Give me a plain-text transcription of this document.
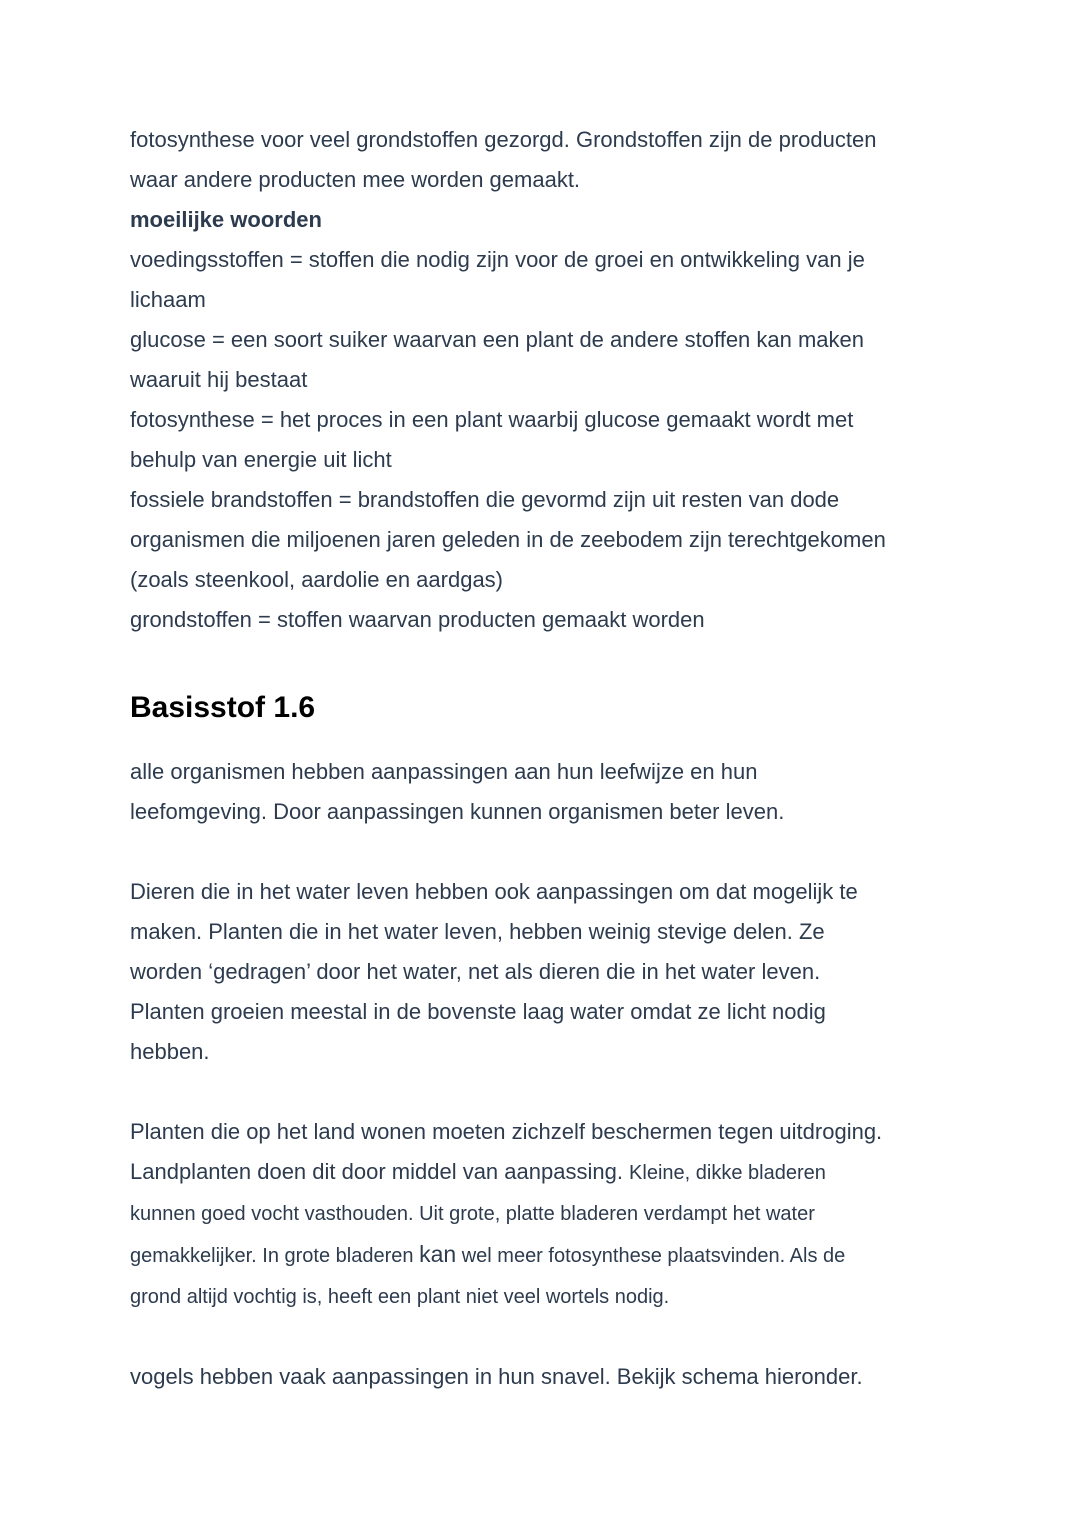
fotosynthese voor veel grondstoffen gezorgd. Grondstoffen zijn de producten
waar andere producten mee worden gemaakt.
moeilijke woorden
voedingsstoffen = stoffen die nodig zijn voor de groei en ontwikkeling van je
lichaam
glucose = een soort suiker waarvan een plant de andere stoffen kan maken
waaruit hij bestaat
fotosynthese = het proces in een plant waarbij glucose gemaakt wordt met
behulp van energie uit licht
fossiele brandstoffen = brandstoffen die gevormd zijn uit resten van dode
organismen die miljoenen jaren geleden in de zeebodem zijn terechtgekomen
(zoals steenkool, aardolie en aardgas)
grondstoffen = stoffen waarvan producten gemaakt worden
Basisstof 1.6
alle organismen hebben aanpassingen aan hun leefwijze en hun
leefomgeving. Door aanpassingen kunnen organismen beter leven.
Dieren die in het water leven hebben ook aanpassingen om dat mogelijk te
maken. Planten die in het water leven, hebben weinig stevige delen. Ze
worden ‘gedragen’ door het water, net als dieren die in het water leven.
Planten groeien meestal in de bovenste laag water omdat ze licht nodig
hebben.
Planten die op het land wonen moeten zichzelf beschermen tegen uitdroging.
Landplanten doen dit door middel van aanpassing. Kleine, dikke bladeren
kunnen goed vocht vasthouden. Uit grote, platte bladeren verdampt het water
gemakkelijker. In grote bladeren kan wel meer fotosynthese plaatsvinden. Als de
grond altijd vochtig is, heeft een plant niet veel wortels nodig.
vogels hebben vaak aanpassingen in hun snavel. Bekijk schema hieronder.
